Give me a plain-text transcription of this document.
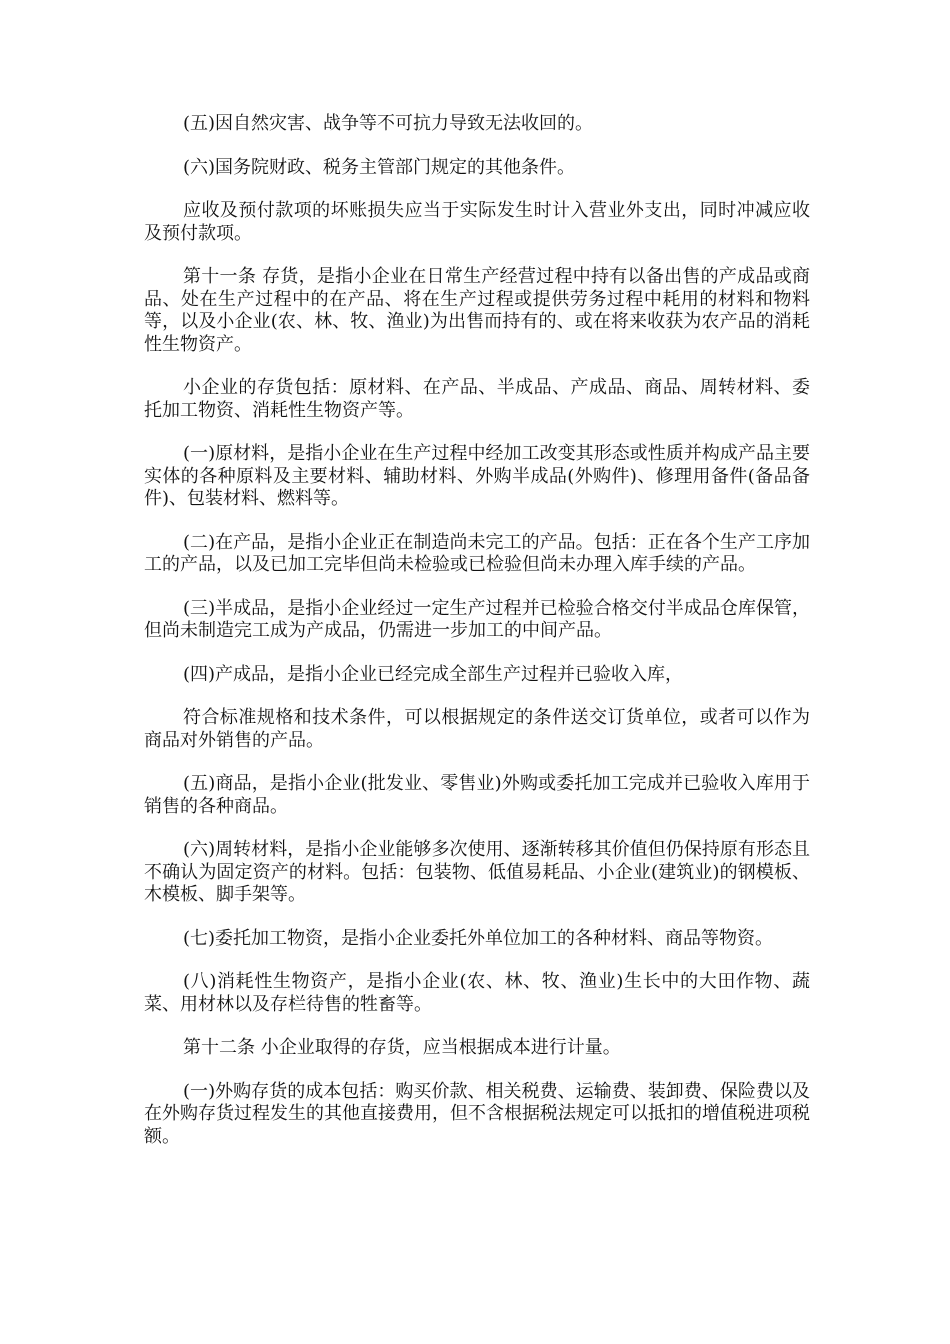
(五)因自然灾害、战争等不可抗力导致无法收回的。

(六)国务院财政、税务主管部门规定的其他条件。

应收及预付款项的坏账损失应当于实际发生时计入营业外支出，同时冲减应收及预付款项。

第十一条 存货，是指小企业在日常生产经营过程中持有以备出售的产成品或商品、处在生产过程中的在产品、将在生产过程或提供劳务过程中耗用的材料和物料等，以及小企业(农、林、牧、渔业)为出售而持有的、或在将来收获为农产品的消耗性生物资产。

小企业的存货包括：原材料、在产品、半成品、产成品、商品、周转材料、委托加工物资、消耗性生物资产等。

(一)原材料，是指小企业在生产过程中经加工改变其形态或性质并构成产品主要实体的各种原料及主要材料、辅助材料、外购半成品(外购件)、修理用备件(备品备件)、包装材料、燃料等。

(二)在产品，是指小企业正在制造尚未完工的产品。包括：正在各个生产工序加工的产品，以及已加工完毕但尚未检验或已检验但尚未办理入库手续的产品。

(三)半成品，是指小企业经过一定生产过程并已检验合格交付半成品仓库保管，但尚未制造完工成为产成品，仍需进一步加工的中间产品。

(四)产成品，是指小企业已经完成全部生产过程并已验收入库，

符合标准规格和技术条件，可以根据规定的条件送交订货单位，或者可以作为商品对外销售的产品。

(五)商品，是指小企业(批发业、零售业)外购或委托加工完成并已验收入库用于销售的各种商品。

(六)周转材料，是指小企业能够多次使用、逐渐转移其价值但仍保持原有形态且不确认为固定资产的材料。包括：包装物、低值易耗品、小企业(建筑业)的钢模板、木模板、脚手架等。

(七)委托加工物资，是指小企业委托外单位加工的各种材料、商品等物资。

(八)消耗性生物资产，是指小企业(农、林、牧、渔业)生长中的大田作物、蔬菜、用材林以及存栏待售的牲畜等。

第十二条 小企业取得的存货，应当根据成本进行计量。

(一)外购存货的成本包括：购买价款、相关税费、运输费、装卸费、保险费以及在外购存货过程发生的其他直接费用，但不含根据税法规定可以抵扣的增值税进项税额。
